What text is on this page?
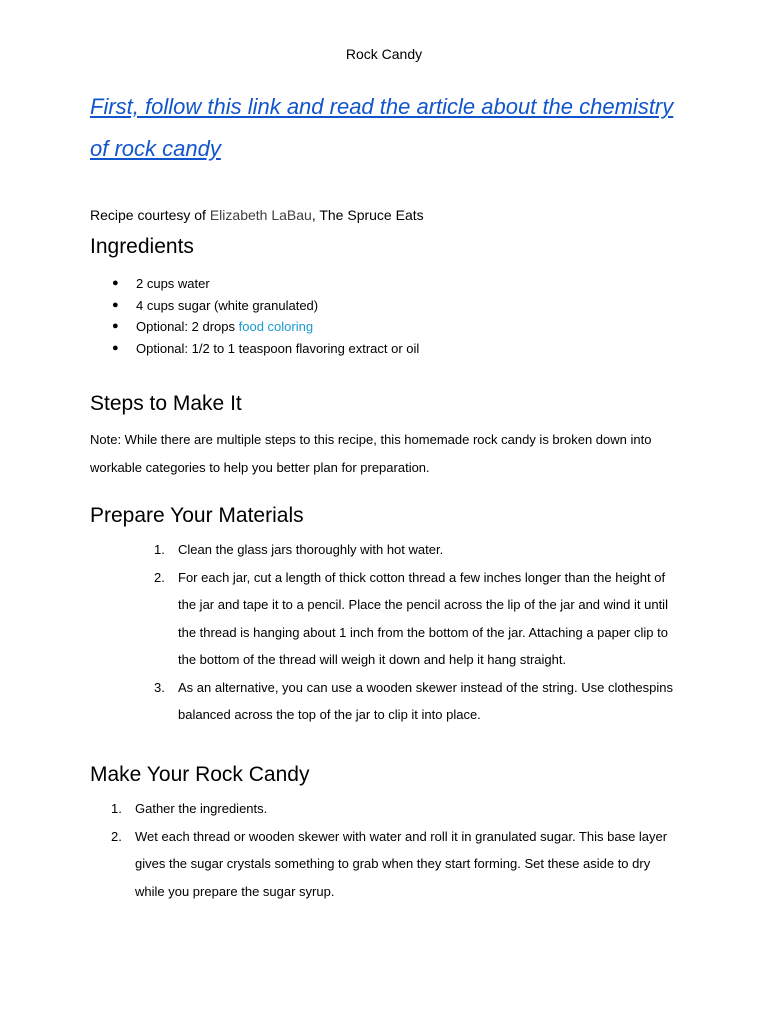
Rock Candy
First, follow this link and read the article about the chemistry of rock candy
Recipe courtesy of Elizabeth LaBau, The Spruce Eats
Ingredients
● 2 cups water
● 4 cups sugar (white granulated)
● Optional: 2 drops food coloring
● Optional: 1/2 to 1 teaspoon flavoring extract or oil
Steps to Make It
Note: While there are multiple steps to this recipe, this homemade rock candy is broken down into workable categories to help you better plan for preparation.
Prepare Your Materials
1. Clean the glass jars thoroughly with hot water.
2. For each jar, cut a length of thick cotton thread a few inches longer than the height of the jar and tape it to a pencil. Place the pencil across the lip of the jar and wind it until the thread is hanging about 1 inch from the bottom of the jar. Attaching a paper clip to the bottom of the thread will weigh it down and help it hang straight.
3. As an alternative, you can use a wooden skewer instead of the string. Use clothespins balanced across the top of the jar to clip it into place.
Make Your Rock Candy
1. Gather the ingredients.
2. Wet each thread or wooden skewer with water and roll it in granulated sugar. This base layer gives the sugar crystals something to grab when they start forming. Set these aside to dry while you prepare the sugar syrup.
